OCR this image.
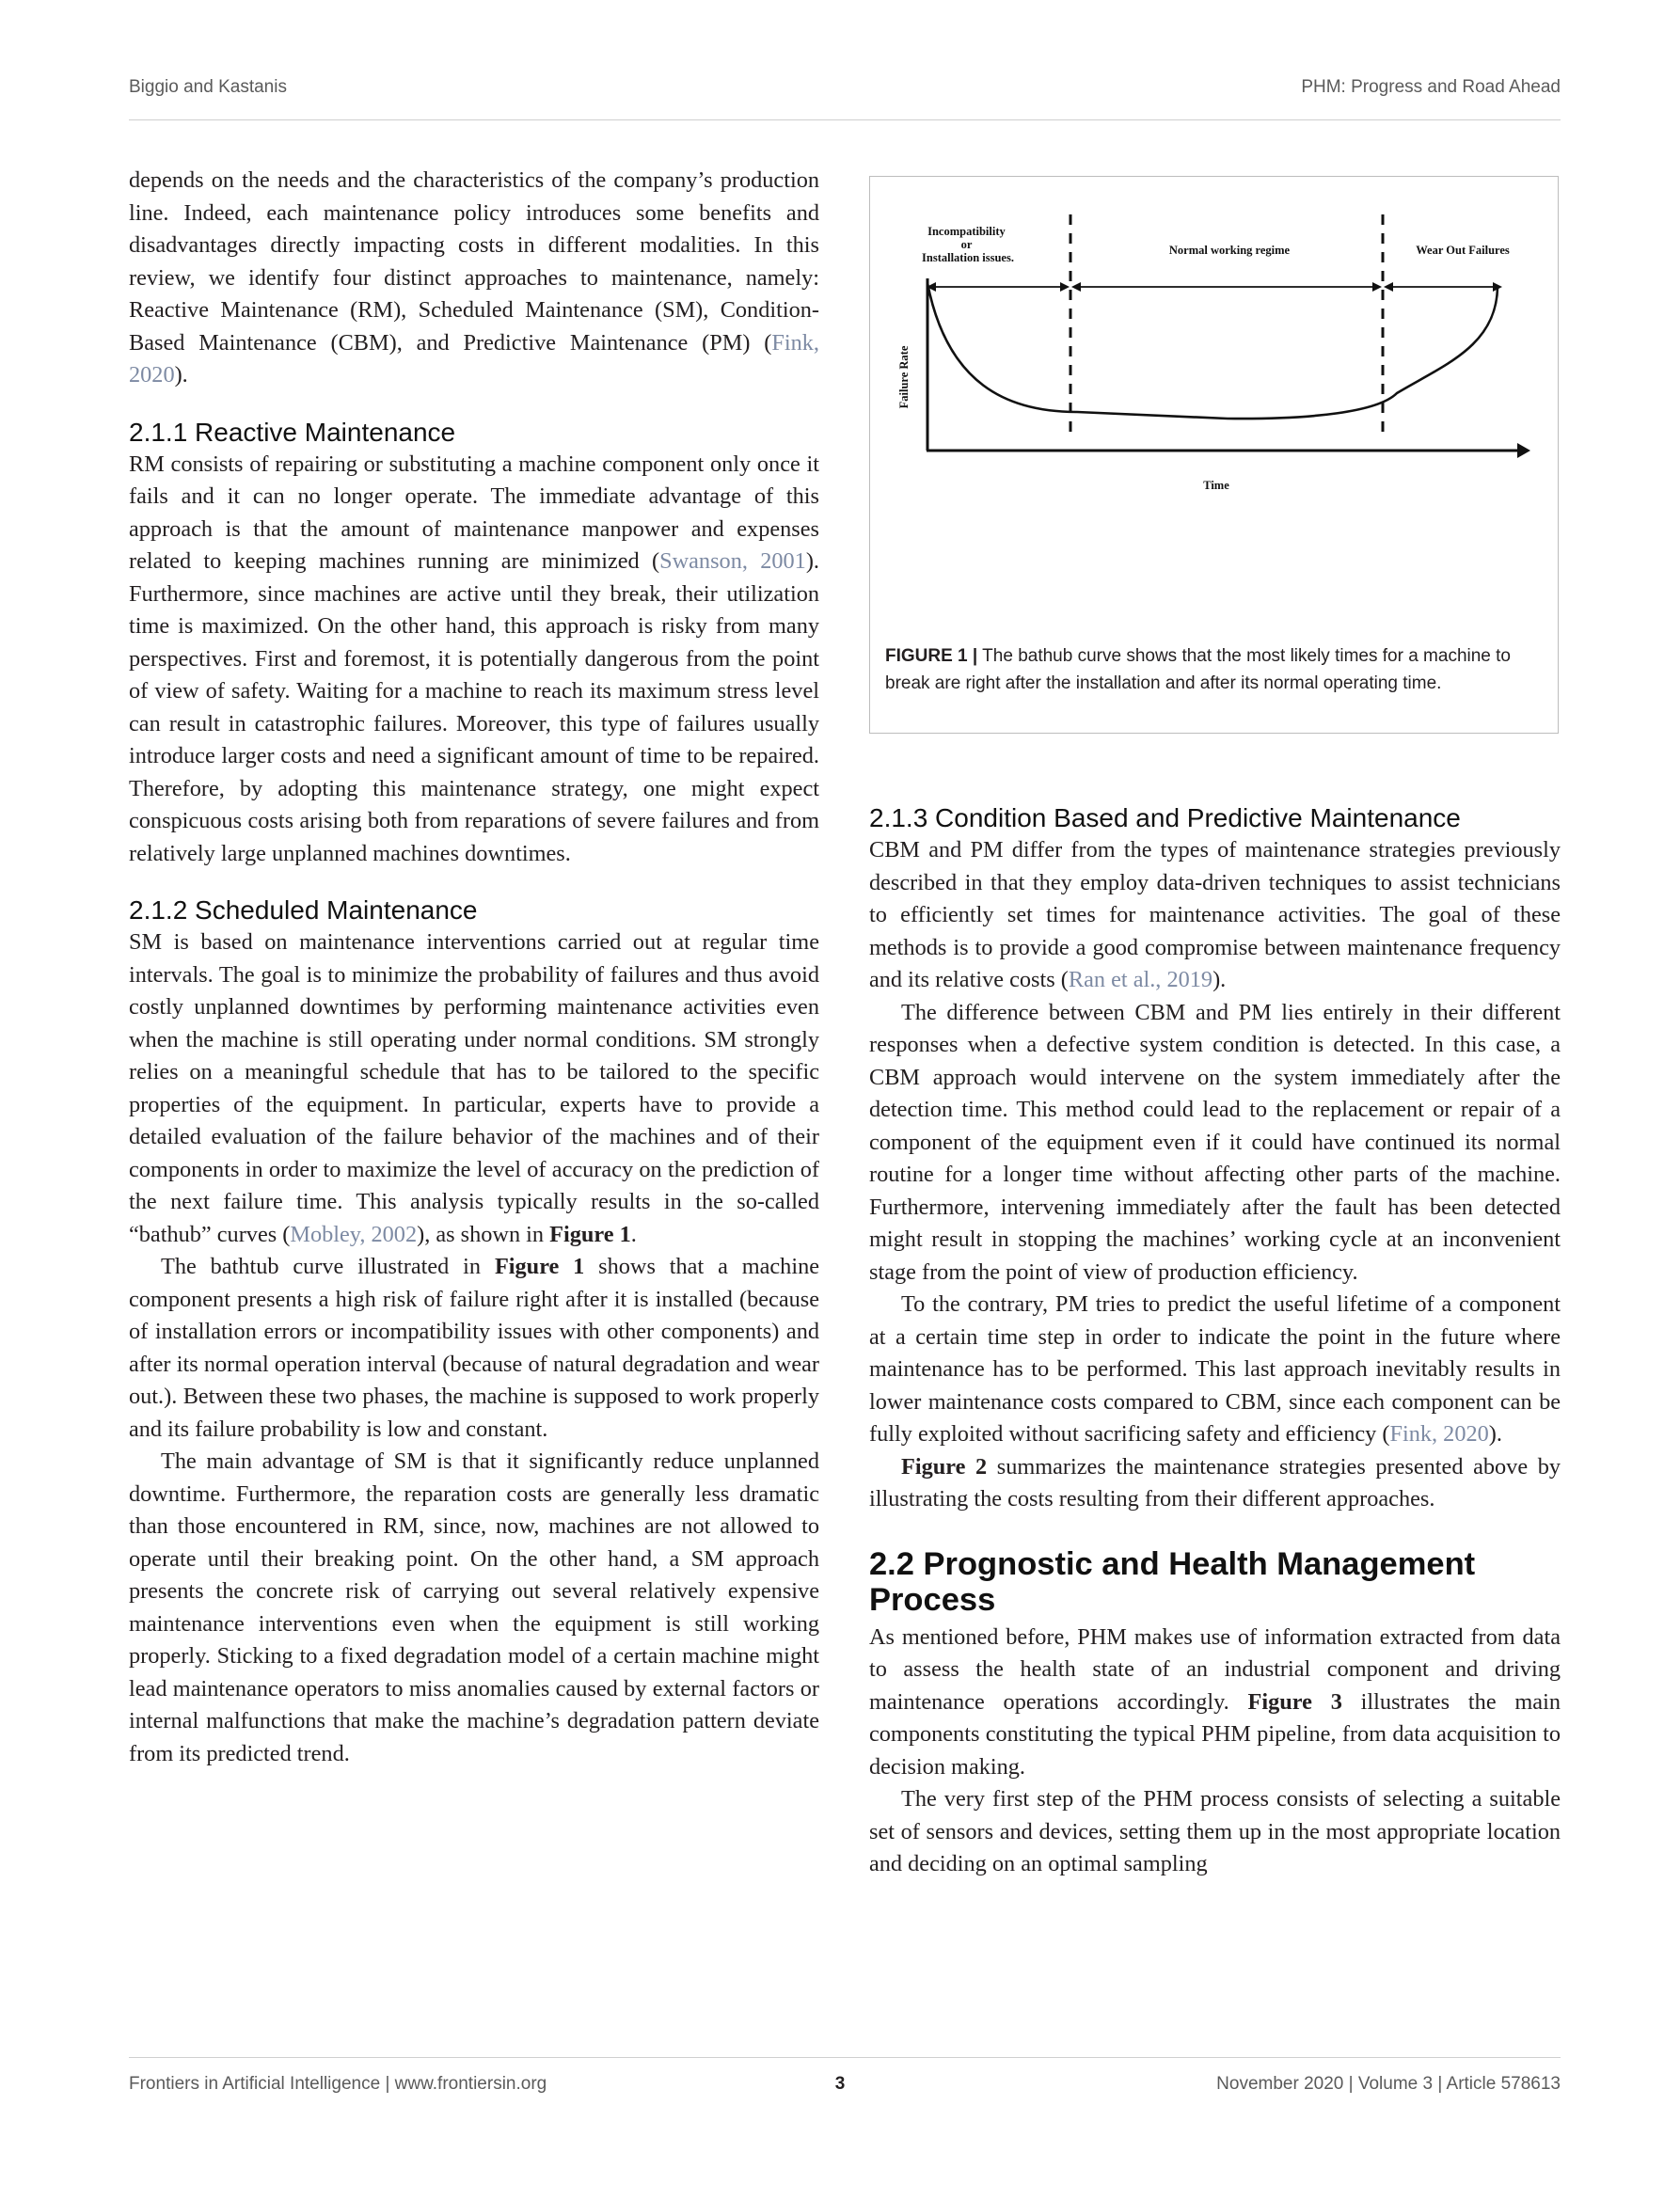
Biggio and Kastanis	PHM: Progress and Road Ahead

depends on the needs and the characteristics of the company’s production line. Indeed, each maintenance policy introduces some benefits and disadvantages directly impacting costs in different modalities. In this review, we identify four distinct approaches to maintenance, namely: Reactive Maintenance (RM), Scheduled Maintenance (SM), Condition-Based Maintenance (CBM), and Predictive Maintenance (PM) (Fink, 2020).

2.1.1 Reactive Maintenance

RM consists of repairing or substituting a machine component only once it fails and it can no longer operate. The immediate advantage of this approach is that the amount of maintenance manpower and expenses related to keeping machines running are minimized (Swanson, 2001). Furthermore, since machines are active until they break, their utilization time is maximized. On the other hand, this approach is risky from many perspectives. First and foremost, it is potentially dangerous from the point of view of safety. Waiting for a machine to reach its maximum stress level can result in catastrophic failures. Moreover, this type of failures usually introduce larger costs and need a significant amount of time to be repaired. Therefore, by adopting this maintenance strategy, one might expect conspicuous costs arising both from reparations of severe failures and from relatively large unplanned machines downtimes.

2.1.2 Scheduled Maintenance

SM is based on maintenance interventions carried out at regular time intervals. The goal is to minimize the probability of failures and thus avoid costly unplanned downtimes by performing maintenance activities even when the machine is still operating under normal conditions. SM strongly relies on a meaningful schedule that has to be tailored to the specific properties of the equipment. In particular, experts have to provide a detailed evaluation of the failure behavior of the machines and of their components in order to maximize the level of accuracy on the prediction of the next failure time. This analysis typically results in the so-called “bathub” curves (Mobley, 2002), as shown in Figure 1.

The bathtub curve illustrated in Figure 1 shows that a machine component presents a high risk of failure right after it is installed (because of installation errors or incompatibility issues with other components) and after its normal operation interval (because of natural degradation and wear out.). Between these two phases, the machine is supposed to work properly and its failure probability is low and constant.

The main advantage of SM is that it significantly reduce unplanned downtime. Furthermore, the reparation costs are generally less dramatic than those encountered in RM, since, now, machines are not allowed to operate until their breaking point. On the other hand, a SM approach presents the concrete risk of carrying out several relatively expensive maintenance interventions even when the equipment is still working properly. Sticking to a fixed degradation model of a certain machine might lead maintenance operators to miss anomalies caused by external factors or internal malfunctions that make the machine’s degradation pattern deviate from its predicted trend.

Incompatibility or Installation issues.
Normal working regime	Wear Out Failures
Failure Rate
Time
FIGURE 1 | The bathub curve shows that the most likely times for a machine to break are right after the installation and after its normal operating time.
2.1.3 Condition Based and Predictive Maintenance

CBM and PM differ from the types of maintenance strategies previously described in that they employ data-driven techniques to assist technicians to efficiently set times for maintenance activities. The goal of these methods is to provide a good compromise between maintenance frequency and its relative costs (Ran et al., 2019).

The difference between CBM and PM lies entirely in their different responses when a defective system condition is detected. In this case, a CBM approach would intervene on the system immediately after the detection time. This method could lead to the replacement or repair of a component of the equipment even if it could have continued its normal routine for a longer time without affecting other parts of the machine. Furthermore, intervening immediately after the fault has been detected might result in stopping the machines’ working cycle at an inconvenient stage from the point of view of production efficiency.

To the contrary, PM tries to predict the useful lifetime of a component at a certain time step in order to indicate the point in the future where maintenance has to be performed. This last approach inevitably results in lower maintenance costs compared to CBM, since each component can be fully exploited without sacrificing safety and efficiency (Fink, 2020).

Figure 2 summarizes the maintenance strategies presented above by illustrating the costs resulting from their different approaches.

2.2 Prognostic and Health Management Process

As mentioned before, PHM makes use of information extracted from data to assess the health state of an industrial component and driving maintenance operations accordingly. Figure 3 illustrates the main components constituting the typical PHM pipeline, from data acquisition to decision making.

The very first step of the PHM process consists of selecting a suitable set of sensors and devices, setting them up in the most appropriate location and deciding on an optimal sampling

Frontiers in Artificial Intelligence | www.frontiersin.org	3	November 2020 | Volume 3 | Article 578613
